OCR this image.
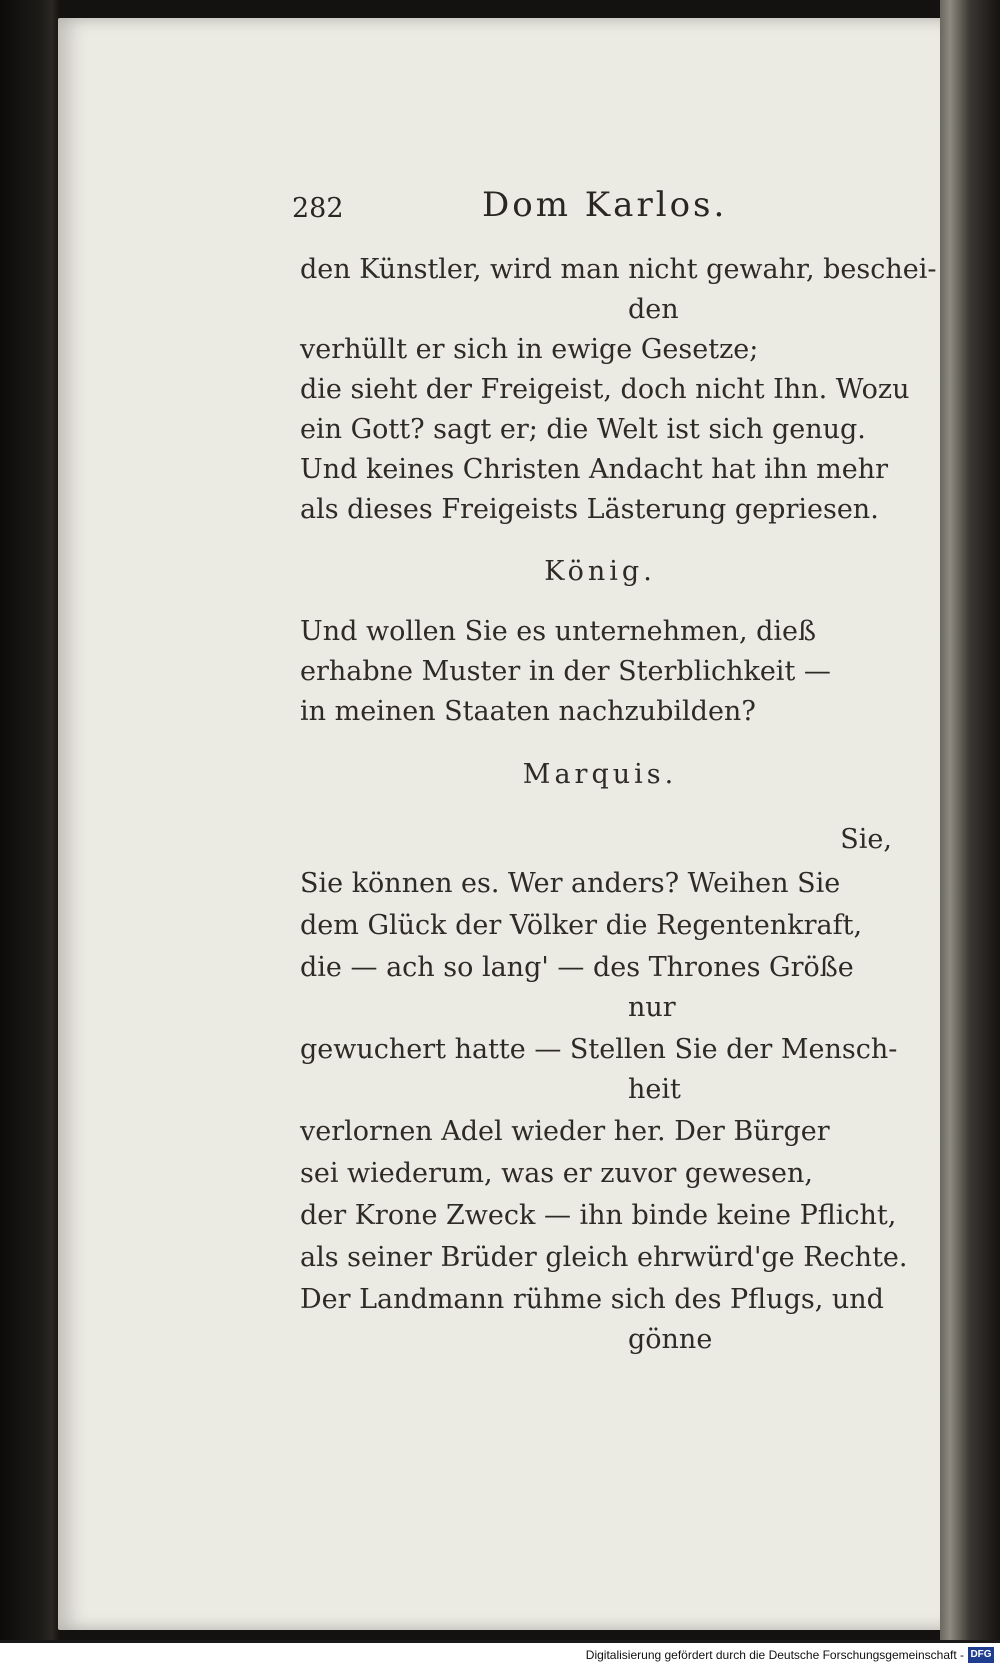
282	Dom Karlos.
den Künstler, wird man nicht gewahr, beschei-
den
verhüllt er sich in ewige Gesetze;
die sieht der Freigeist, doch nicht Ihn. Wozu
ein Gott? sagt er; die Welt ist sich genug.
Und keines Christen Andacht hat ihn mehr
als dieses Freigeists Lästerung gepriesen.
König.
Und wollen Sie es unternehmen, dieß
erhabne Muster in der Sterblichkeit —
in meinen Staaten nachzubilden?
Marquis.
Sie,
Sie können es. Wer anders? Weihen Sie
dem Glück der Völker die Regentenkraft,
die — ach so lang' — des Thrones Größe
nur
gewuchert hatte — Stellen Sie der Mensch-
heit
verlornen Adel wieder her. Der Bürger
sei wiederum, was er zuvor gewesen,
der Krone Zweck — ihn binde keine Pflicht,
als seiner Brüder gleich ehrwürd'ge Rechte.
Der Landmann rühme sich des Pflugs, und
gönne
Digitalisierung gefördert durch die Deutsche Forschungsgemeinschaft - DFG
